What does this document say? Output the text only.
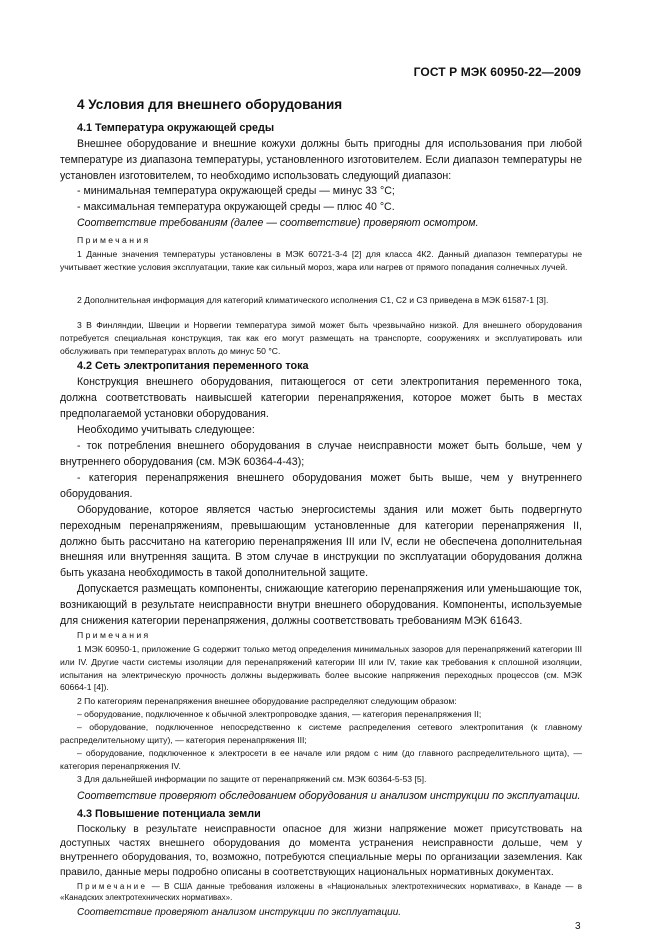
ГОСТ Р МЭК 60950-22—2009
4 Условия для внешнего оборудования
4.1 Температура окружающей среды
Внешнее оборудование и внешние кожухи должны быть пригодны для использования при любой температуре из диапазона температуры, установленного изготовителем. Если диапазон температуры не установлен изготовителем, то необходимо использовать следующий диапазон:
- минимальная температура окружающей среды — минус 33 °С;
- максимальная температура окружающей среды — плюс 40 °С.
Соответствие требованиям (далее — соответствие) проверяют осмотром.
Примечания
1 Данные значения температуры установлены в МЭК 60721-3-4 [2] для класса 4К2. Данный диапазон температуры не учитывает жесткие условия эксплуатации, такие как сильный мороз, жара или нагрев от прямого попадания солнечных лучей.
2 Дополнительная информация для категорий климатического исполнения С1, С2 и С3 приведена в МЭК 61587-1 [3].
3 В Финляндии, Швеции и Норвегии температура зимой может быть чрезвычайно низкой. Для внешнего оборудования потребуется специальная конструкция, так как его могут размещать на транспорте, сооружениях и эксплуатировать или обслуживать при температурах вплоть до минус 50 °С.
4.2 Сеть электропитания переменного тока
Конструкция внешнего оборудования, питающегося от сети электропитания переменного тока, должна соответствовать наивысшей категории перенапряжения, которое может быть в местах предполагаемой установки оборудования.
Необходимо учитывать следующее:
- ток потребления внешнего оборудования в случае неисправности может быть больше, чем у внутреннего оборудования (см. МЭК 60364-4-43);
- категория перенапряжения внешнего оборудования может быть выше, чем у внутреннего оборудования.
Оборудование, которое является частью энергосистемы здания или может быть подвергнуто переходным перенапряжениям, превышающим установленные для категории перенапряжения II, должно быть рассчитано на категорию перенапряжения III или IV, если не обеспечена дополнительная внешняя или внутренняя защита. В этом случае в инструкции по эксплуатации оборудования должна быть указана необходимость в такой дополнительной защите.
Допускается размещать компоненты, снижающие категорию перенапряжения или уменьшающие ток, возникающий в результате неисправности внутри внешнего оборудования. Компоненты, используемые для снижения категории перенапряжения, должны соответствовать требованиям МЭК 61643.
Примечания
1 МЭК 60950-1, приложение G содержит только метод определения минимальных зазоров для перенапряжений категории III или IV. Другие части системы изоляции для перенапряжений категории III или IV, такие как требования к сплошной изоляции, испытания на электрическую прочность должны выдерживать более высокие напряжения переходных процессов (см. МЭК 60664-1 [4]).
2 По категориям перенапряжения внешнее оборудование распределяют следующим образом:
– оборудование, подключенное к обычной электропроводке здания, — категория перенапряжения II;
– оборудование, подключенное непосредственно к системе распределения сетевого электропитания (к главному распределительному щиту), — категория перенапряжения III;
– оборудование, подключенное к электросети в ее начале или рядом с ним (до главного распределительного щита), — категория перенапряжения IV.
3 Для дальнейшей информации по защите от перенапряжений см. МЭК 60364-5-53 [5].
Соответствие проверяют обследованием оборудования и анализом инструкции по эксплуатации.
4.3 Повышение потенциала земли
Поскольку в результате неисправности опасное для жизни напряжение может присутствовать на доступных частях внешнего оборудования до момента устранения неисправности дольше, чем у внутреннего оборудования, то, возможно, потребуются специальные меры по организации заземления. Как правило, данные меры подробно описаны в соответствующих национальных нормативных документах.
Примечание — В США данные требования изложены в «Национальных электротехнических нормативах», в Канаде — в «Канадских электротехнических нормативах».
Соответствие проверяют анализом инструкции по эксплуатации.
3
